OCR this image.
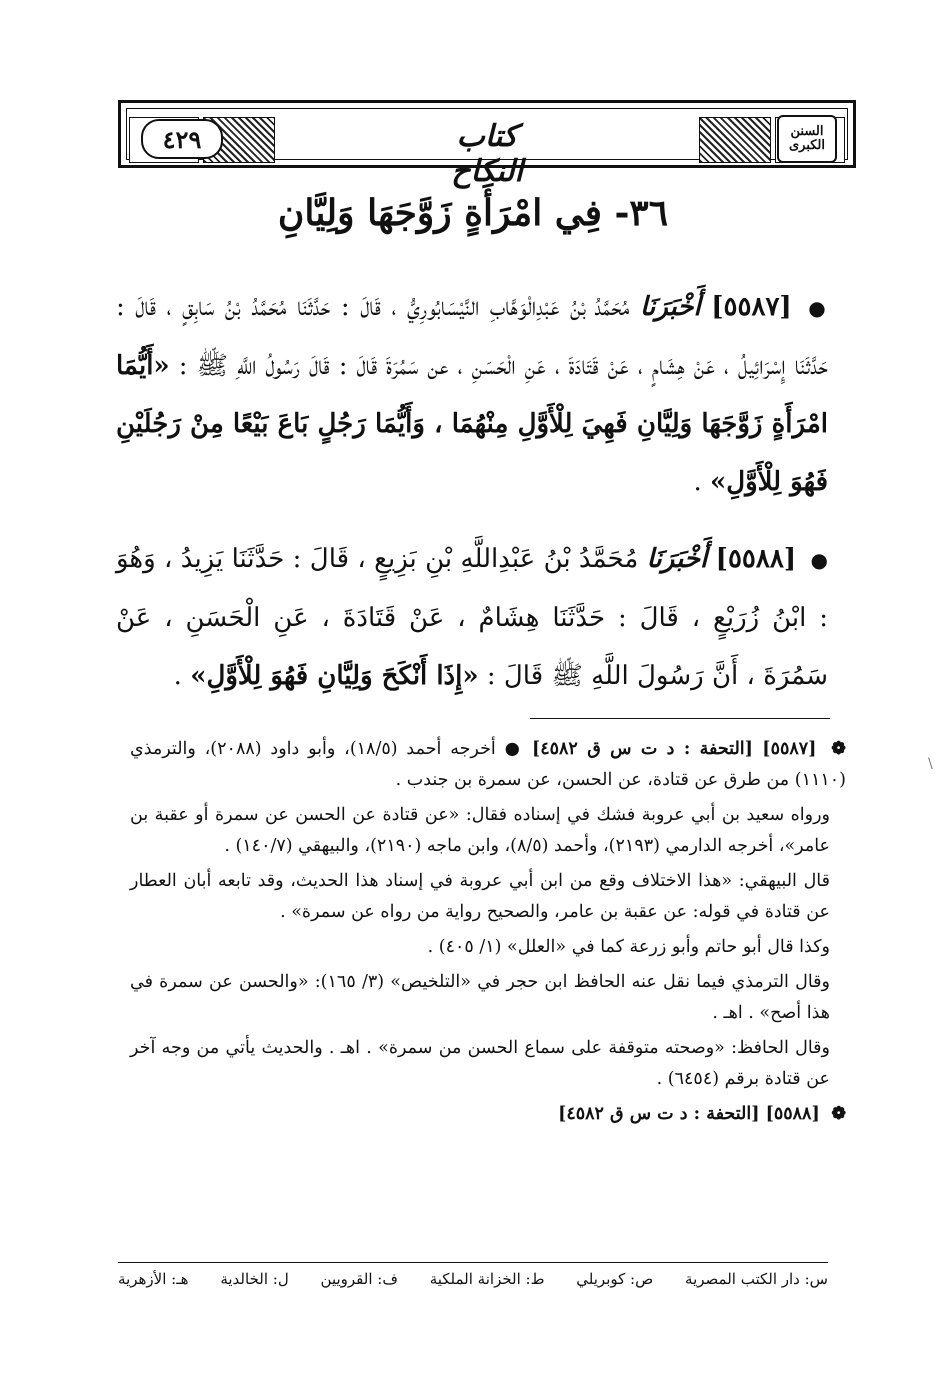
٤٢٩	السنن الكبرى
كتاب النكاح
٣٦- فِي امْرَأَةٍ زَوَّجَهَا وَلِيَّانِ
● [٥٥٨٧] أَخْبَرَنَا مُحَمَّدُ بْنُ عَبْدِالْوَهَّابِ النَّيْسَابُورِيُّ ، قَالَ : حَدَّثَنَا مُحَمَّدُ بْنُ سَابِقٍ ، قَالَ : حَدَّثَنَا إِسْرَائِيلُ ، عَنْ هِشَامٍ ، عَنْ قَتَادَةَ ، عَنِ الْحَسَنِ ، عن سَمُرَةَ قَالَ : قَالَ رَسُولُ اللَّهِ ﷺ : «أَيُّمَا امْرَأَةٍ زَوَّجَهَا وَلِيَّانِ فَهِيَ لِلْأَوَّلِ مِنْهُمَا ، وَأَيُّمَا رَجُلٍ بَاعَ بَيْعًا مِنْ رَجُلَيْنِ فَهُوَ لِلْأَوَّلِ» .
● [٥٥٨٨] أَخْبَرَنَا مُحَمَّدُ بْنُ عَبْدِاللَّهِ بْنِ بَزِيعٍ ، قَالَ : حَدَّثَنَا يَزِيدُ ، وَهُوَ : ابْنُ زُرَيْعٍ ، قَالَ : حَدَّثَنَا هِشَامٌ ، عَنْ قَتَادَةَ ، عَنِ الْحَسَنِ ، عَنْ سَمُرَةَ ، أَنَّ رَسُولَ اللَّهِ ﷺ قَالَ : «إِذَا أَنْكَحَ وَلِيَّانِ فَهُوَ لِلْأَوَّلِ» .

❁ [٥٥٨٧] [التحفة : د ت س ق ٤٥٨٢] ● أخرجه أحمد (١٨/٥)، وأبو داود (٢٠٨٨)، والترمذي (١١١٠) من طرق عن قتادة، عن الحسن، عن سمرة بن جندب .

ورواه سعيد بن أبي عروبة فشك في إسناده فقال: «عن قتادة عن الحسن عن سمرة أو عقبة بن عامر»، أخرجه الدارمي (٢١٩٣)، وأحمد (٨/٥)، وابن ماجه (٢١٩٠)، والبيهقي (١٤٠/٧) .

قال البيهقي: «هذا الاختلاف وقع من ابن أبي عروبة في إسناد هذا الحديث، وقد تابعه أبان العطار عن قتادة في قوله: عن عقبة بن عامر، والصحيح رواية من رواه عن سمرة» .

وكذا قال أبو حاتم وأبو زرعة كما في «العلل» (١/ ٤٠٥) .

وقال الترمذي فيما نقل عنه الحافظ ابن حجر في «التلخيص» (٣/ ١٦٥): «والحسن عن سمرة في هذا أصح» . اهـ .

وقال الحافظ: «وصحته متوقفة على سماع الحسن من سمرة» . اهـ . والحديث يأتي من وجه آخر عن قتادة برقم (٦٤٥٤) .

❁ [٥٥٨٨] [التحفة : د ت س ق ٤٥٨٢]

س: دار الكتب المصرية
ص: كوبريلي
ط: الخزانة الملكية
ف: القرويين
ل: الخالدية
هـ: الأزهرية
\
